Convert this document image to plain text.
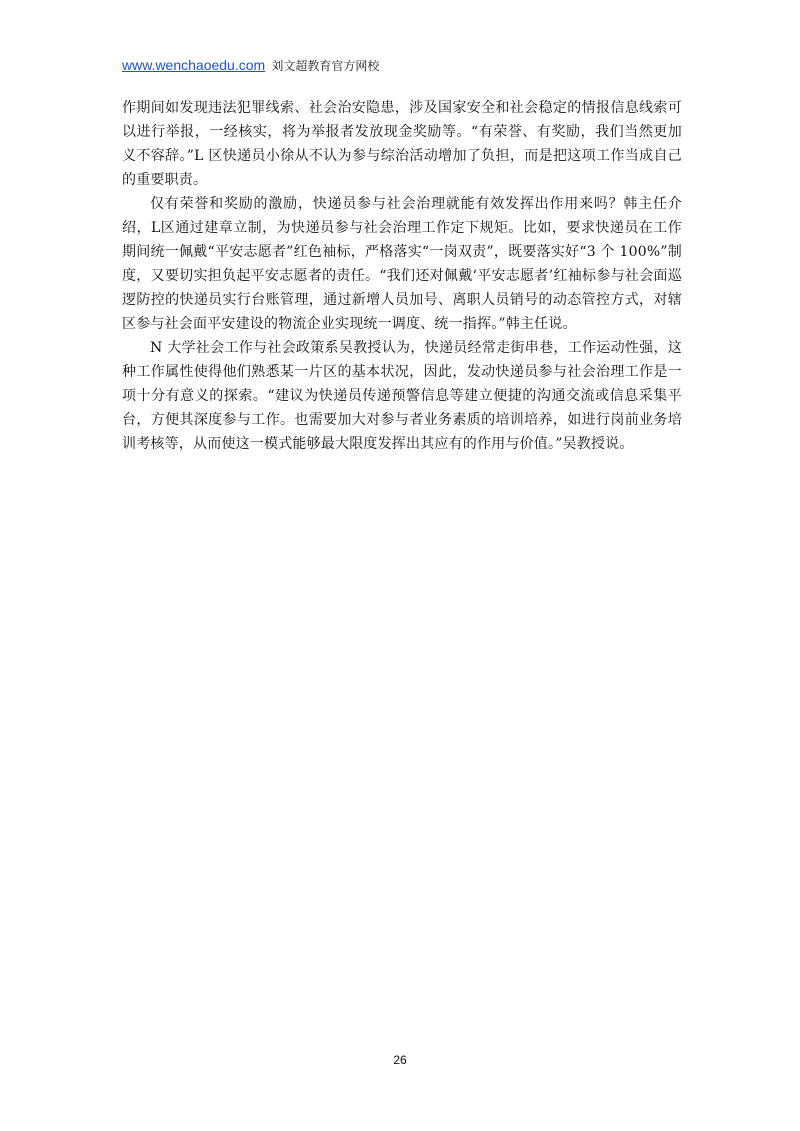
www.wenchaoedu.com 刘文超教育官方网校

作期间如发现违法犯罪线索、社会治安隐患，涉及国家安全和社会稳定的情报信息线索可以进行举报，一经核实，将为举报者发放现金奖励等。“有荣誉、有奖励，我们当然更加义不容辞。”L 区快递员小徐从不认为参与综治活动增加了负担，而是把这项工作当成自己的重要职责。

仅有荣誉和奖励的激励，快递员参与社会治理就能有效发挥出作用来吗？韩主任介绍，L区通过建章立制，为快递员参与社会治理工作定下规矩。比如，要求快递员在工作期间统一佩戴“平安志愿者”红色袖标，严格落实“一岗双责”，既要落实好“3 个 100%”制度，又要切实担负起平安志愿者的责任。“我们还对佩戴‘平安志愿者’红袖标参与社会面巡逻防控的快递员实行台账管理，通过新增人员加号、离职人员销号的动态管控方式，对辖区参与社会面平安建设的物流企业实现统一调度、统一指挥。”韩主任说。

N 大学社会工作与社会政策系吴教授认为，快递员经常走街串巷，工作运动性强，这种工作属性使得他们熟悉某一片区的基本状况，因此，发动快递员参与社会治理工作是一项十分有意义的探索。“建议为快递员传递预警信息等建立便捷的沟通交流或信息采集平台，方便其深度参与工作。也需要加大对参与者业务素质的培训培养，如进行岗前业务培训考核等，从而使这一模式能够最大限度发挥出其应有的作用与价值。”吴教授说。

26
